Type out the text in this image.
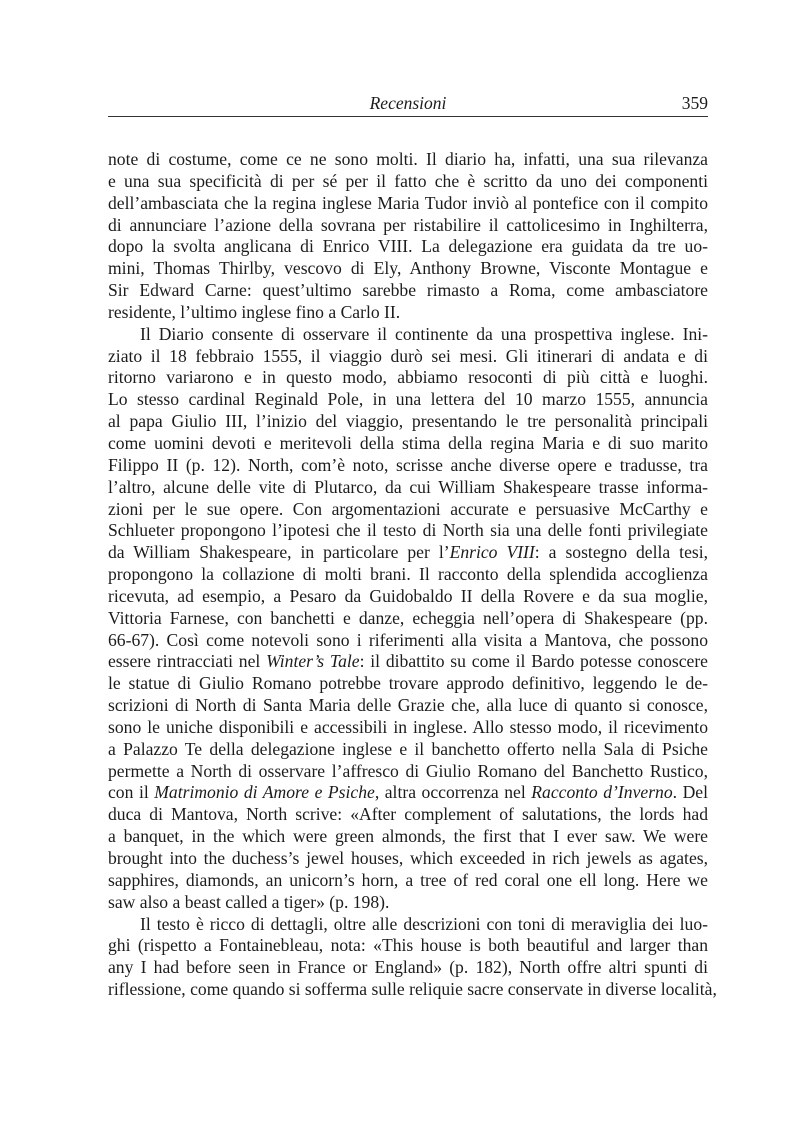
Recensioni	359
note di costume, come ce ne sono molti. Il diario ha, infatti, una sua rilevanza
e una sua specificità di per sé per il fatto che è scritto da uno dei componenti
dell’ambasciata che la regina inglese Maria Tudor inviò al pontefice con il compito
di annunciare l’azione della sovrana per ristabilire il cattolicesimo in Inghilterra,
dopo la svolta anglicana di Enrico VIII. La delegazione era guidata da tre uo-
mini, Thomas Thirlby, vescovo di Ely, Anthony Browne, Visconte Montague e
Sir Edward Carne: quest’ultimo sarebbe rimasto a Roma, come ambasciatore
residente, l’ultimo inglese fino a Carlo II.
Il Diario consente di osservare il continente da una prospettiva inglese. Ini-
ziato il 18 febbraio 1555, il viaggio durò sei mesi. Gli itinerari di andata e di
ritorno variarono e in questo modo, abbiamo resoconti di più città e luoghi.
Lo stesso cardinal Reginald Pole, in una lettera del 10 marzo 1555, annuncia
al papa Giulio III, l’inizio del viaggio, presentando le tre personalità principali
come uomini devoti e meritevoli della stima della regina Maria e di suo marito
Filippo II (p. 12). North, com’è noto, scrisse anche diverse opere e tradusse, tra
l’altro, alcune delle vite di Plutarco, da cui William Shakespeare trasse informa-
zioni per le sue opere. Con argomentazioni accurate e persuasive McCarthy e
Schlueter propongono l’ipotesi che il testo di North sia una delle fonti privilegiate
da William Shakespeare, in particolare per l’Enrico VIII: a sostegno della tesi,
propongono la collazione di molti brani. Il racconto della splendida accoglienza
ricevuta, ad esempio, a Pesaro da Guidobaldo II della Rovere e da sua moglie,
Vittoria Farnese, con banchetti e danze, echeggia nell’opera di Shakespeare (pp.
66-67). Così come notevoli sono i riferimenti alla visita a Mantova, che possono
essere rintracciati nel Winter’s Tale: il dibattito su come il Bardo potesse conoscere
le statue di Giulio Romano potrebbe trovare approdo definitivo, leggendo le de-
scrizioni di North di Santa Maria delle Grazie che, alla luce di quanto si conosce,
sono le uniche disponibili e accessibili in inglese. Allo stesso modo, il ricevimento
a Palazzo Te della delegazione inglese e il banchetto offerto nella Sala di Psiche
permette a North di osservare l’affresco di Giulio Romano del Banchetto Rustico,
con il Matrimonio di Amore e Psiche, altra occorrenza nel Racconto d’Inverno. Del
duca di Mantova, North scrive: «After complement of salutations, the lords had
a banquet, in the which were green almonds, the first that I ever saw. We were
brought into the duchess’s jewel houses, which exceeded in rich jewels as agates,
sapphires, diamonds, an unicorn’s horn, a tree of red coral one ell long. Here we
saw also a beast called a tiger» (p. 198).
Il testo è ricco di dettagli, oltre alle descrizioni con toni di meraviglia dei luo-
ghi (rispetto a Fontainebleau, nota: «This house is both beautiful and larger than
any I had before seen in France or England» (p. 182), North offre altri spunti di
riflessione, come quando si sofferma sulle reliquie sacre conservate in diverse località,
